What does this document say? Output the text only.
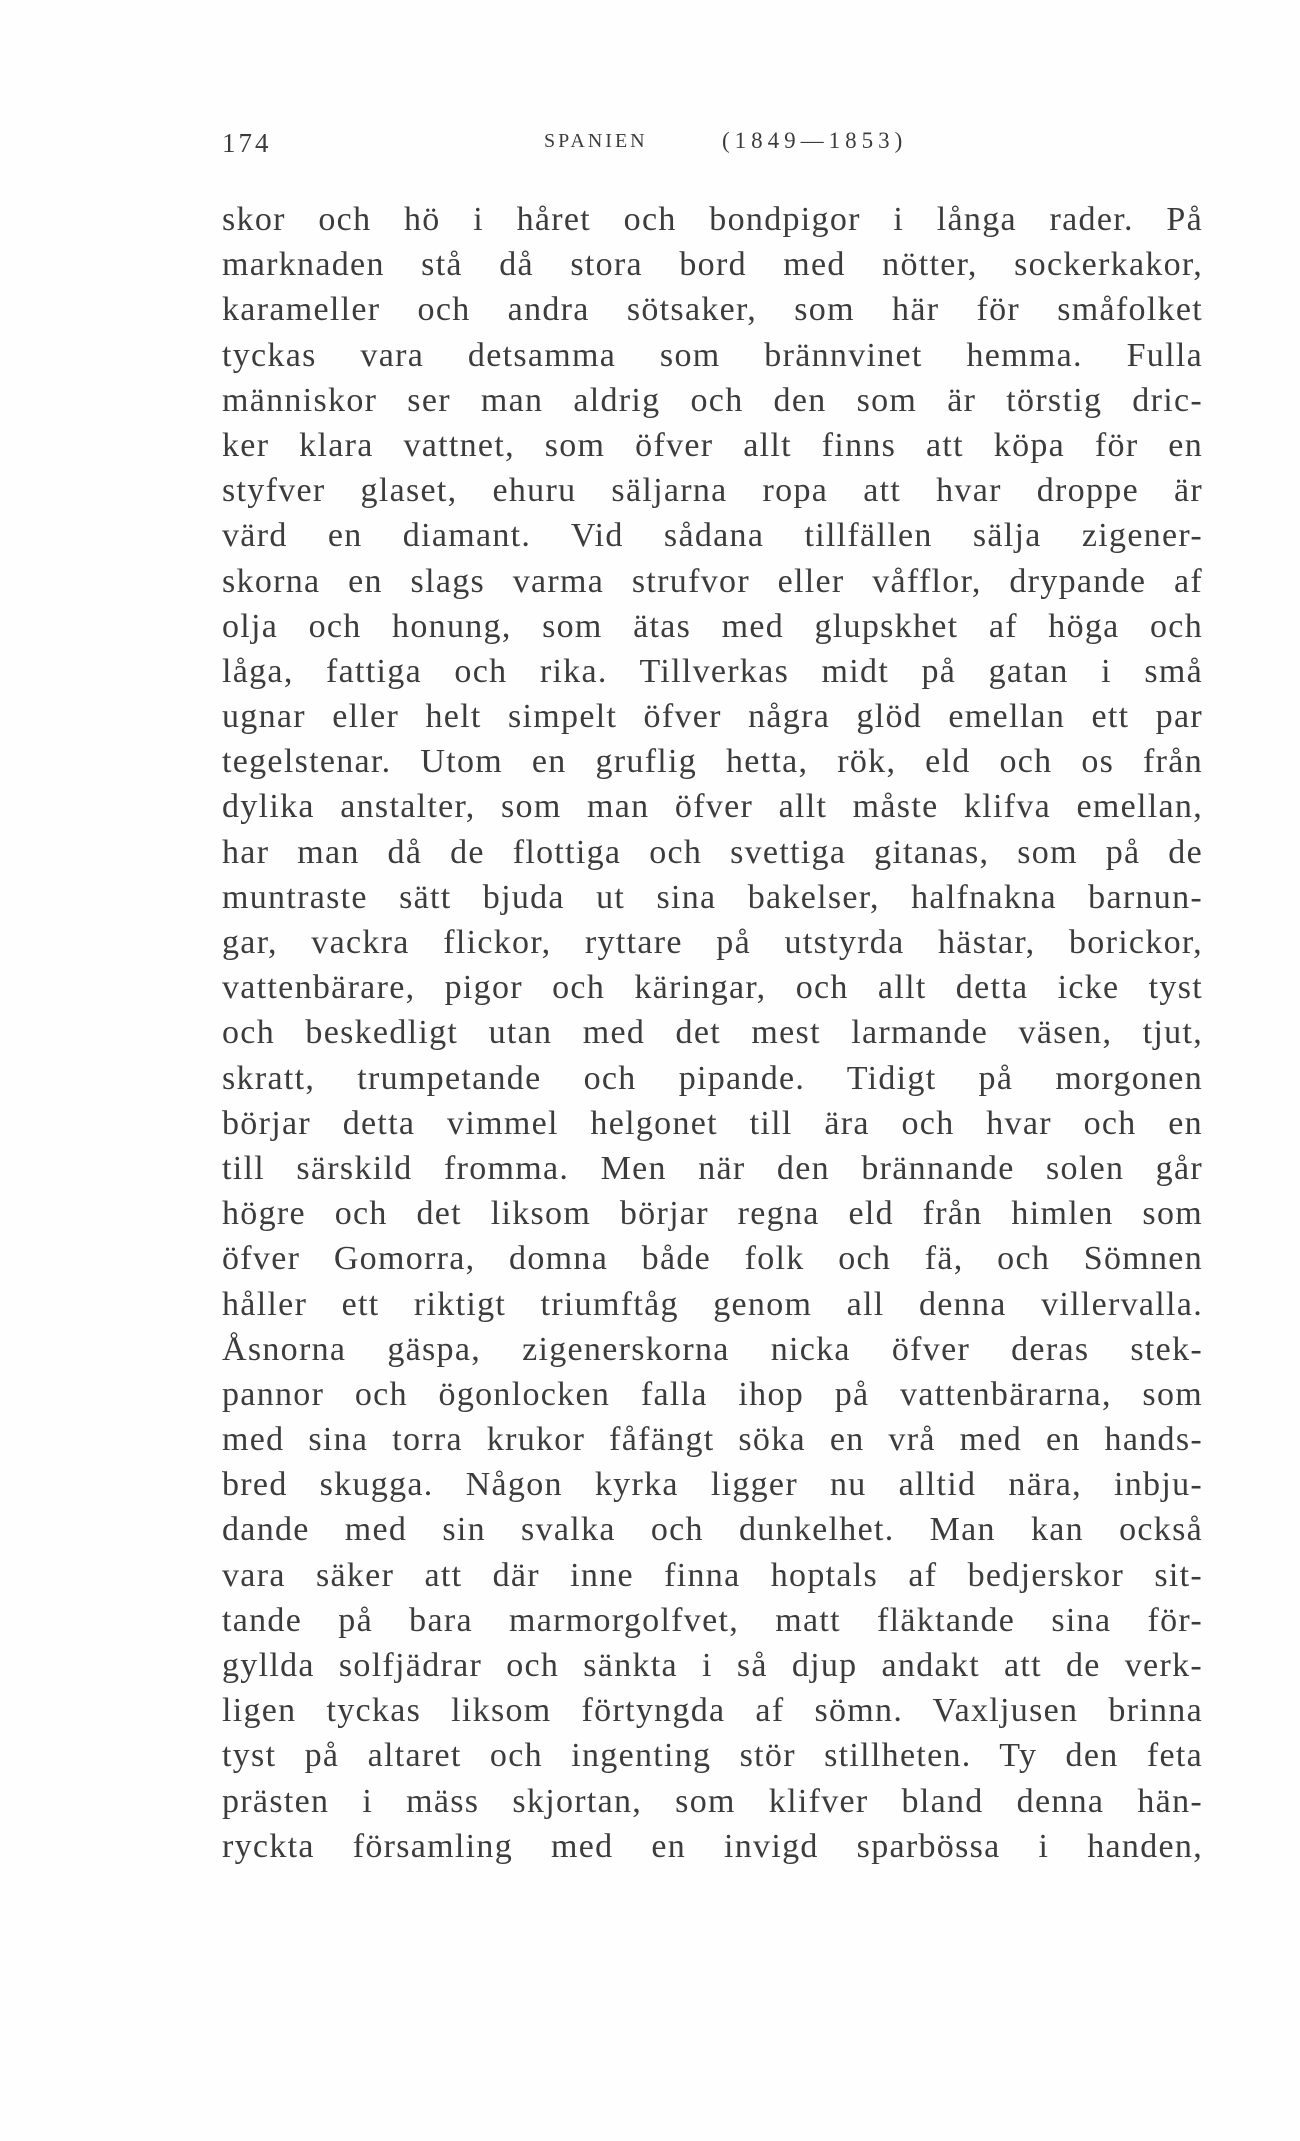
174	SPANIEN	(1849—1853)
skor och hö i håret och bondpigor i långa rader. På
marknaden stå då stora bord med nötter, sockerkakor,
karameller och andra sötsaker, som här för småfolket
tyckas vara detsamma som brännvinet hemma. Fulla
människor ser man aldrig och den som är törstig dric-
ker klara vattnet, som öfver allt finns att köpa för en
styfver glaset, ehuru säljarna ropa att hvar droppe är
värd en diamant. Vid sådana tillfällen sälja zigener-
skorna en slags varma strufvor eller våfflor, drypande af
olja och honung, som ätas med glupskhet af höga och
låga, fattiga och rika. Tillverkas midt på gatan i små
ugnar eller helt simpelt öfver några glöd emellan ett par
tegelstenar. Utom en gruflig hetta, rök, eld och os från
dylika anstalter, som man öfver allt måste klifva emellan,
har man då de flottiga och svettiga gitanas, som på de
muntraste sätt bjuda ut sina bakelser, halfnakna barnun-
gar, vackra flickor, ryttare på utstyrda hästar, borickor,
vattenbärare, pigor och käringar, och allt detta icke tyst
och beskedligt utan med det mest larmande väsen, tjut,
skratt, trumpetande och pipande. Tidigt på morgonen
börjar detta vimmel helgonet till ära och hvar och en
till särskild fromma. Men när den brännande solen går
högre och det liksom börjar regna eld från himlen som
öfver Gomorra, domna både folk och fä, och Sömnen
håller ett riktigt triumftåg genom all denna villervalla.
Åsnorna gäspa, zigenerskorna nicka öfver deras stek-
pannor och ögonlocken falla ihop på vattenbärarna, som
med sina torra krukor fåfängt söka en vrå med en hands-
bred skugga. Någon kyrka ligger nu alltid nära, inbju-
dande med sin svalka och dunkelhet. Man kan också
vara säker att där inne finna hoptals af bedjerskor sit-
tande på bara marmorgolfvet, matt fläktande sina för-
gyllda solfjädrar och sänkta i så djup andakt att de verk-
ligen tyckas liksom förtyngda af sömn. Vaxljusen brinna
tyst på altaret och ingenting stör stillheten. Ty den feta
prästen i mäss skjortan, som klifver bland denna hän-
ryckta församling med en invigd sparbössa i handen,
